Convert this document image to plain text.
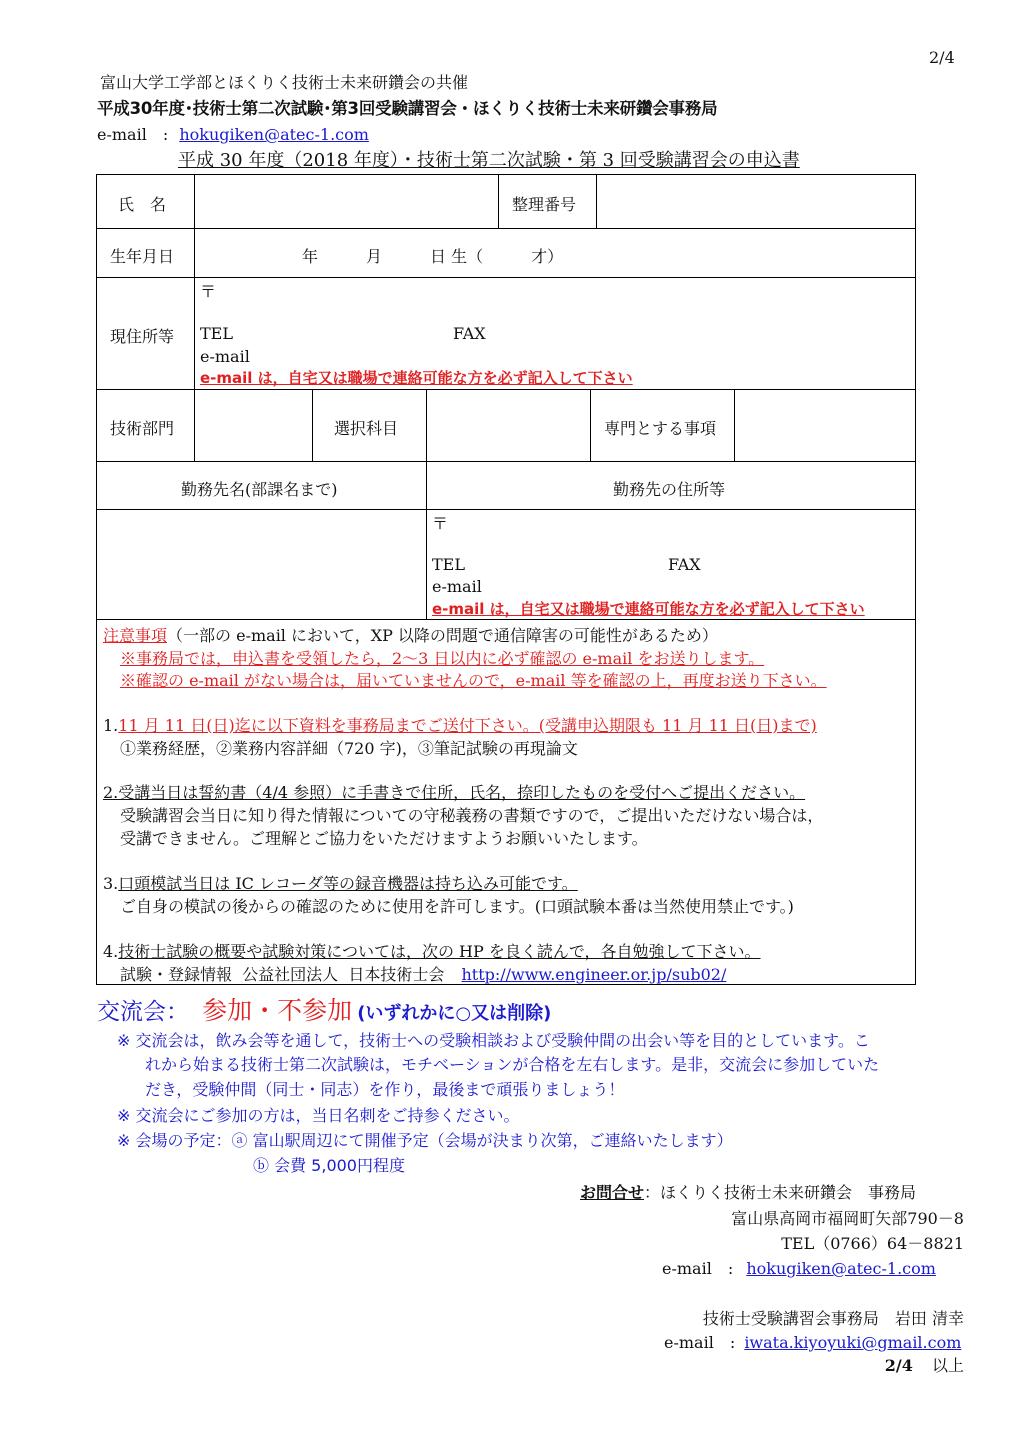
2/4
富山大学工学部とほくりく技術士未来研鑽会の共催
平成30年度･技術士第二次試験･第3回受験講習会・ほくりく技術士未来研鑽会事務局
e-mail　: hokugiken@atec-1.com
平成 30 年度（2018 年度）・技術士第二次試験・第 3 回受験講習会の申込書
氏　名	整理番号
生年月日	年　　　月　　　日 生（　　　才）
現住所等
〒
TEL	FAX
e-mail
e-mail は，自宅又は職場で連絡可能な方を必ず記入して下さい
技術部門	選択科目	専門とする事項
勤務先名(部課名まで)	勤務先の住所等
〒
TEL	FAX
e-mail
e-mail は，自宅又は職場で連絡可能な方を必ず記入して下さい
注意事項（一部の e-mail において，XP 以降の問題で通信障害の可能性があるため）
※事務局では，申込書を受領したら，2～3 日以内に必ず確認の e-mail をお送りします。
※確認の e-mail がない場合は，届いていませんので，e-mail 等を確認の上，再度お送り下さい。
1.11 月 11 日(日)迄に以下資料を事務局までご送付下さい。(受講申込期限も 11 月 11 日(日)まで)
①業務経歴，②業務内容詳細（720 字)，③筆記試験の再現論文
2.受講当日は誓約書（4/4 参照）に手書きで住所，氏名，捺印したものを受付へご提出ください。
受験講習会当日に知り得た情報についての守秘義務の書類ですので，ご提出いただけない場合は，
受講できません。ご理解とご協力をいただけますようお願いいたします。
3.口頭模試当日は IC レコーダ等の録音機器は持ち込み可能です。
ご自身の模試の後からの確認のために使用を許可します。(口頭試験本番は当然使用禁止です。)
4.技術士試験の概要や試験対策については，次の HP を良く読んで，各自勉強して下さい。
試験・登録情報  公益社団法人  日本技術士会 http://www.engineer.or.jp/sub02/
交流会： 参加・不参加 (いずれかに○又は削除)
※ 交流会は，飲み会等を通して，技術士への受験相談および受験仲間の出会い等を目的としています。こ
れから始まる技術士第二次試験は，モチベーションが合格を左右します。是非，交流会に参加していた
だき，受験仲間（同士・同志）を作り，最後まで頑張りましょう！
※ 交流会にご参加の方は，当日名刺をご持参ください。
※ 会場の予定：ⓐ 富山駅周辺にて開催予定（会場が決まり次第，ご連絡いたします）
ⓑ 会費 5,000円程度
お問合せ：ほくりく技術士未来研鑽会　事務局
富山県高岡市福岡町矢部790－8
TEL（0766）64－8821
e-mail　: hokugiken@atec-1.com
技術士受験講習会事務局　岩田 清幸
e-mail　: iwata.kiyoyuki@gmail.com
2/4 以上
